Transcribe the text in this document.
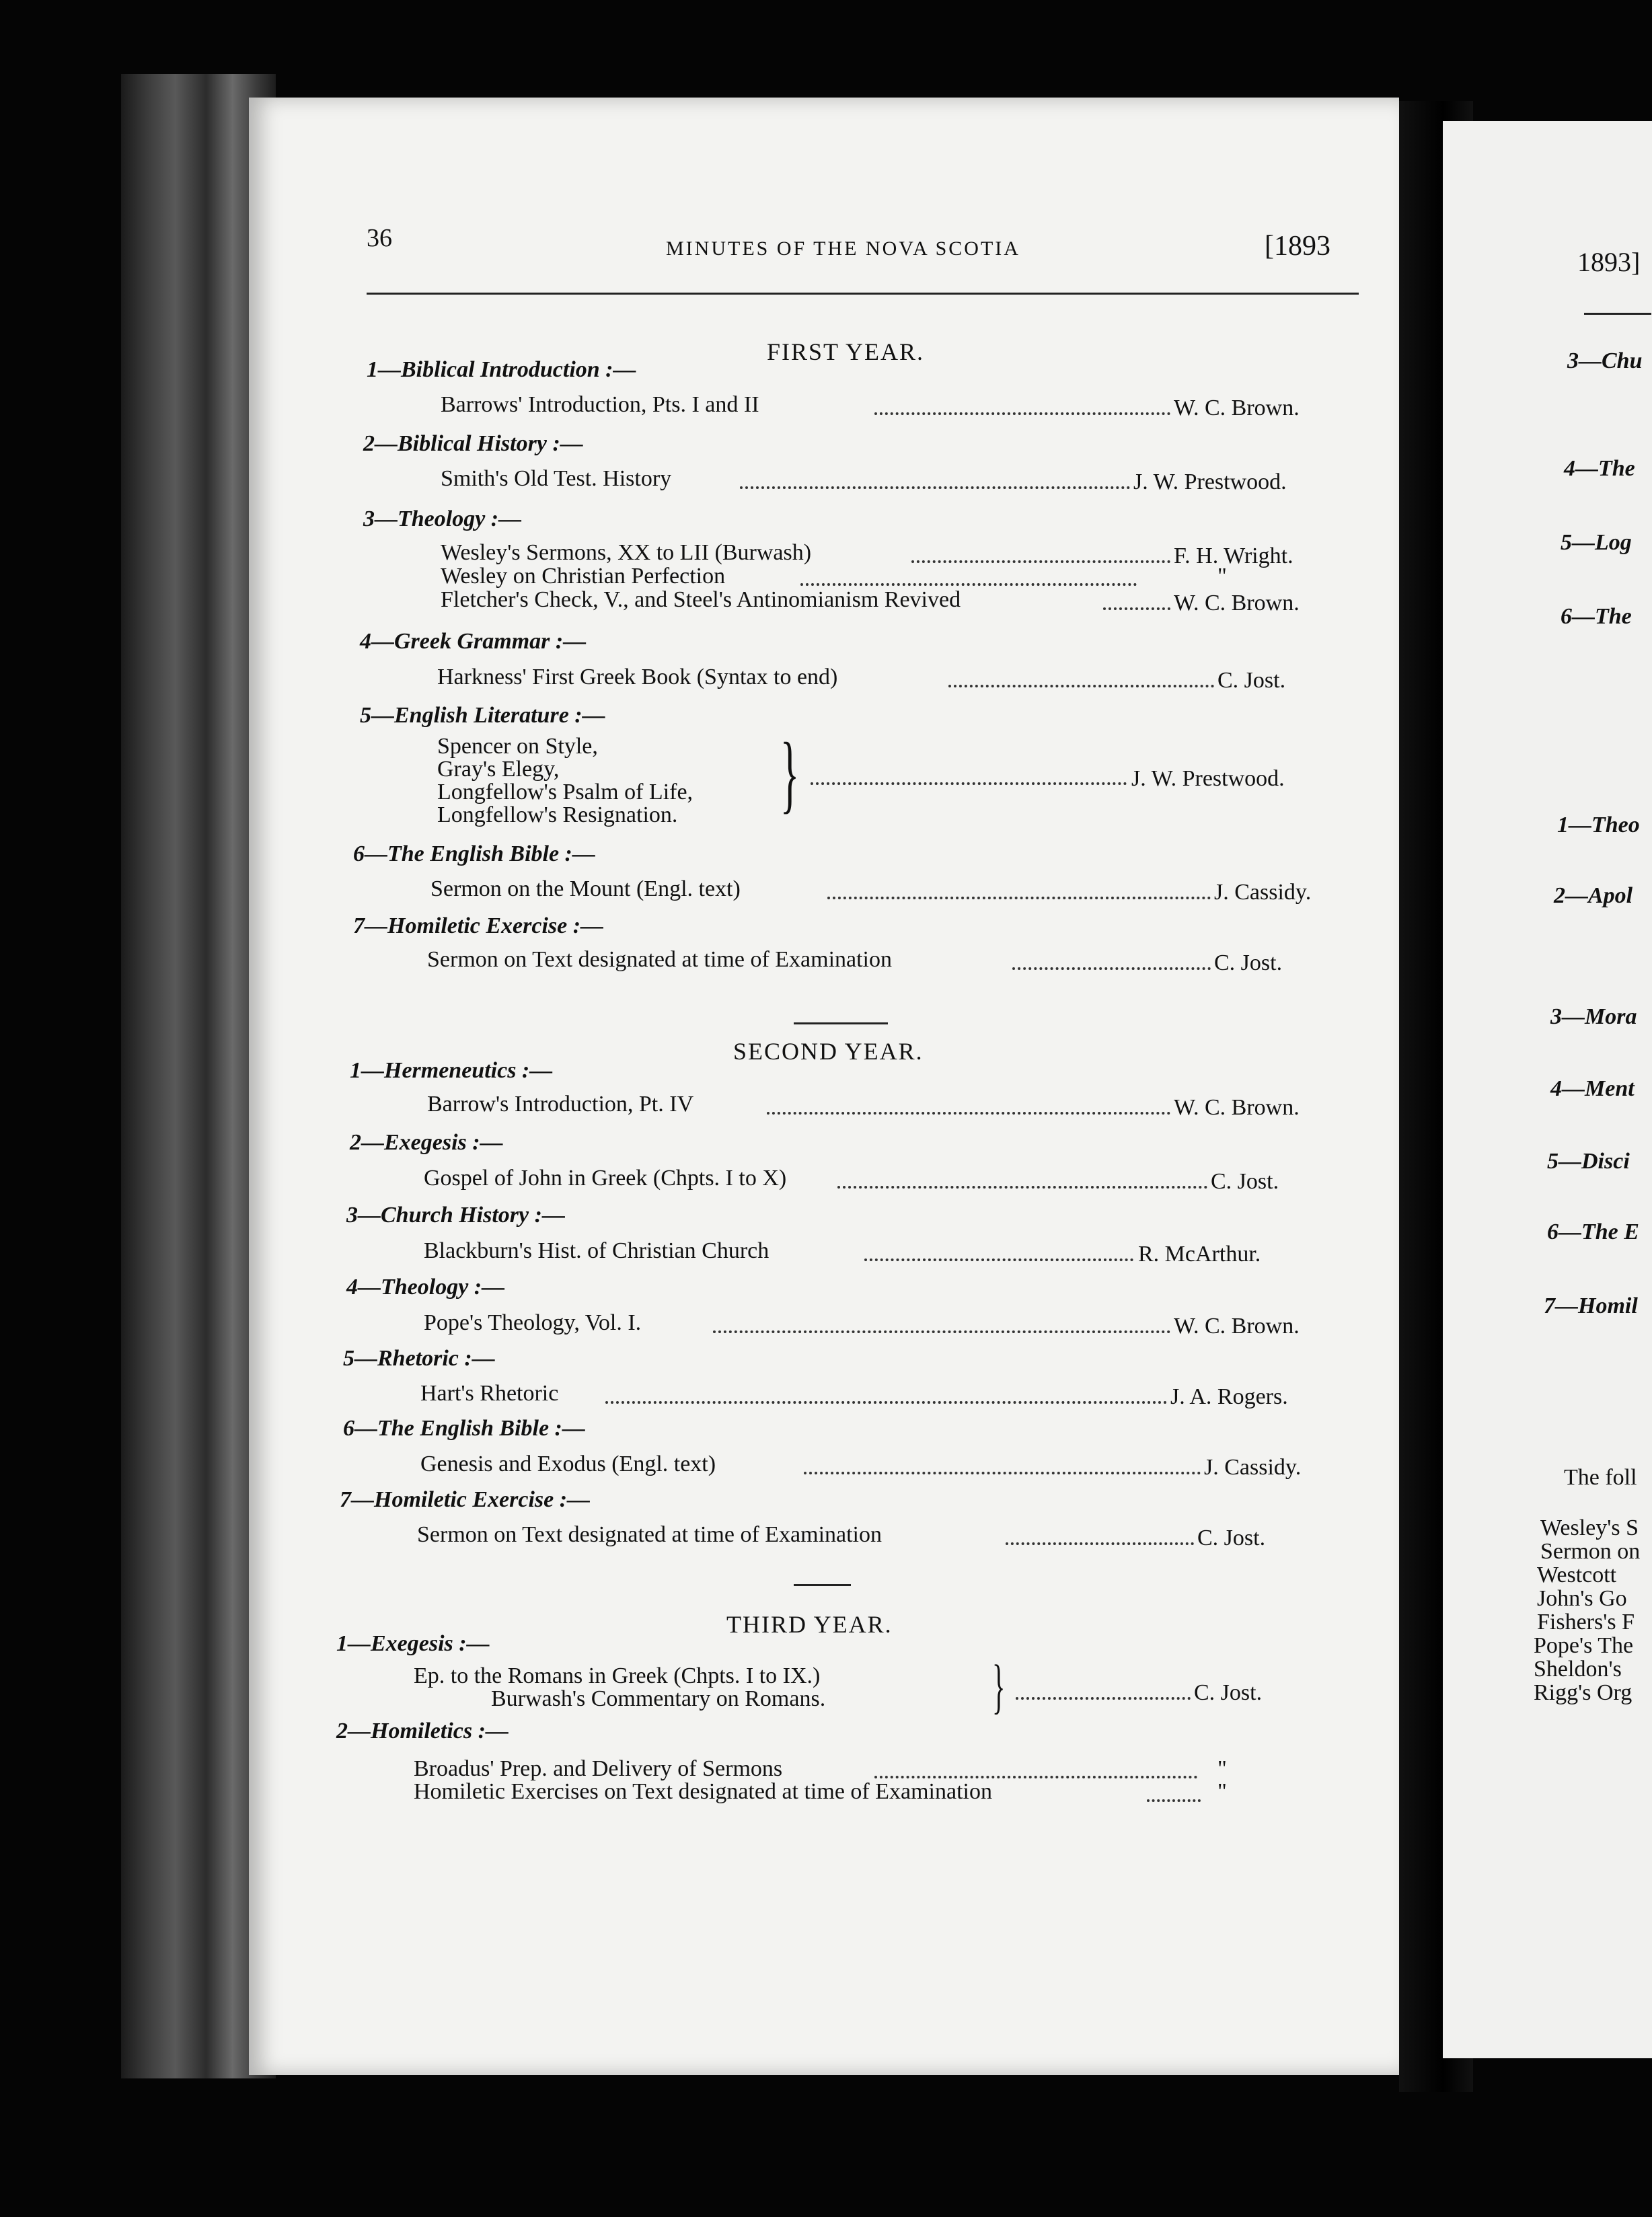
36	MINUTES OF THE NOVA SCOTIA	[1893
FIRST YEAR.
1—Biblical Introduction :—
Barrows' Introduction, Pts. I and II	W. C. Brown.
2—Biblical History :—
Smith's Old Test. History	J. W. Prestwood.
3—Theology :—
Wesley's Sermons, XX to LII (Burwash)	F. H. Wright.
Wesley on Christian Perfection	"
Fletcher's Check, V., and Steel's Antinomianism Revived	W. C. Brown.
4—Greek Grammar :—
Harkness' First Greek Book (Syntax to end)	C. Jost.
5—English Literature :—
Spencer on Style,
Gray's Elegy,
Longfellow's Psalm of Life,
Longfellow's Resignation. }	J. W. Prestwood.
6—The English Bible :—
Sermon on the Mount (Engl. text)	J. Cassidy.
7—Homiletic Exercise :—
Sermon on Text designated at time of Examination	C. Jost.
SECOND YEAR.
1—Hermeneutics :—
Barrow's Introduction, Pt. IV	W. C. Brown.
2—Exegesis :—
Gospel of John in Greek (Chpts. I to X)	C. Jost.
3—Church History :—
Blackburn's Hist. of Christian Church	R. McArthur.
4—Theology :—
Pope's Theology, Vol. I.	W. C. Brown.
5—Rhetoric :—
Hart's Rhetoric	J. A. Rogers.
6—The English Bible :—
Genesis and Exodus (Engl. text)	J. Cassidy.
7—Homiletic Exercise :—
Sermon on Text designated at time of Examination	C. Jost.
THIRD YEAR.
1—Exegesis :—
Ep. to the Romans in Greek (Chpts. I to IX.)
Burwash's Commentary on Romans.	}	C. Jost.
2—Homiletics :—
Broadus' Prep. and Delivery of Sermons	"
Homiletic Exercises on Text designated at time of Examination	"
1893]
3—Chu
4—The
5—Log
6—The
1—Theo
2—Apol
3—Mora
4—Ment
5—Disci
6—The E
7—Homil
The foll
Wesley's S
Sermon on
Westcott
John's Go
Fishers's F
Pope's The
Sheldon's
Rigg's Org
